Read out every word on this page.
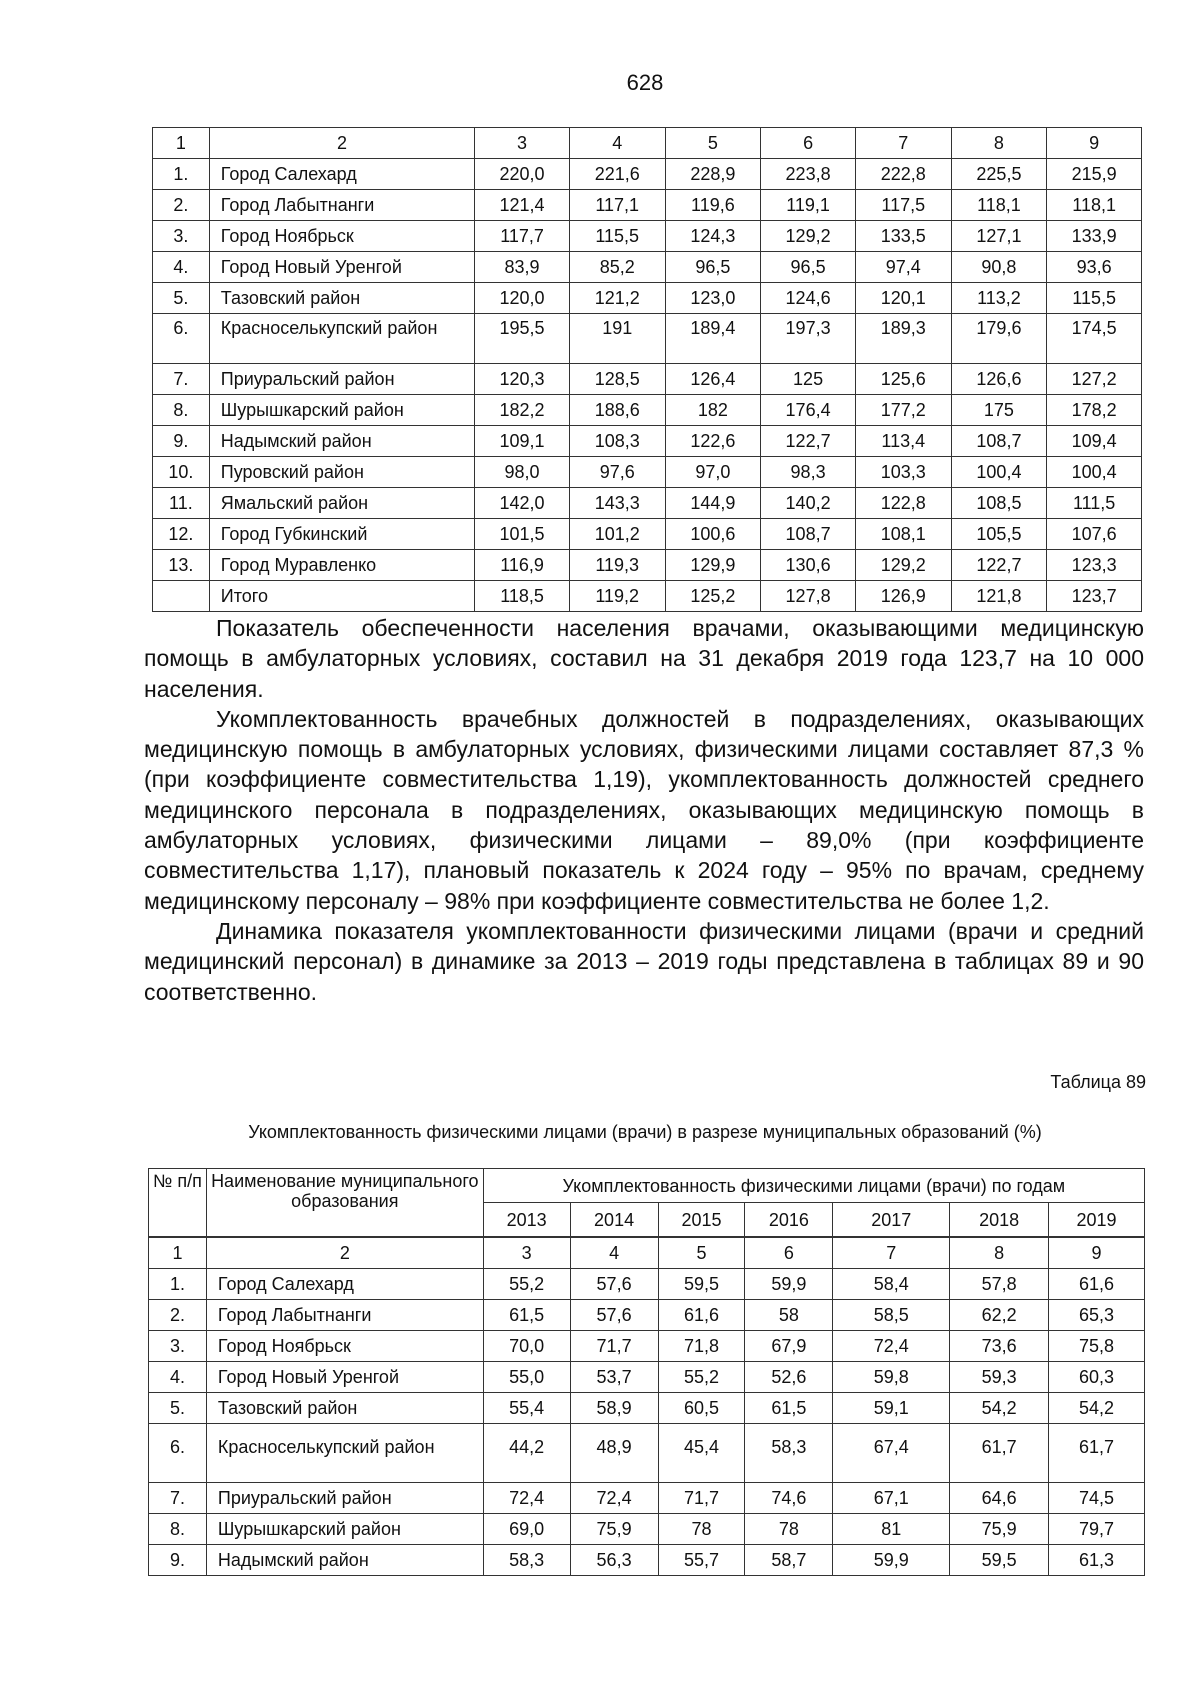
628
1	2	3	4	5	6	7	8	9
1.	Город Салехард	220,0	221,6	228,9	223,8	222,8	225,5	215,9
2.	Город Лабытнанги	121,4	117,1	119,6	119,1	117,5	118,1	118,1
3.	Город Ноябрьск	117,7	115,5	124,3	129,2	133,5	127,1	133,9
4.	Город Новый Уренгой	83,9	85,2	96,5	96,5	97,4	90,8	93,6
5.	Тазовский район	120,0	121,2	123,0	124,6	120,1	113,2	115,5
6.	Красноселькупский район	195,5	191	189,4	197,3	189,3	179,6	174,5
7.	Приуральский район	120,3	128,5	126,4	125	125,6	126,6	127,2
8.	Шурышкарский район	182,2	188,6	182	176,4	177,2	175	178,2
9.	Надымский район	109,1	108,3	122,6	122,7	113,4	108,7	109,4
10.	Пуровский район	98,0	97,6	97,0	98,3	103,3	100,4	100,4
11.	Ямальский район	142,0	143,3	144,9	140,2	122,8	108,5	111,5
12.	Город Губкинский	101,5	101,2	100,6	108,7	108,1	105,5	107,6
13.	Город Муравленко	116,9	119,3	129,9	130,6	129,2	122,7	123,3
	Итого	118,5	119,2	125,2	127,8	126,9	121,8	123,7

Показатель обеспеченности населения врачами, оказывающими медицинскую помощь в амбулаторных условиях, составил на 31 декабря 2019 года 123,7 на 10 000 населения.

Укомплектованность врачебных должностей в подразделениях, оказывающих медицинскую помощь в амбулаторных условиях, физическими лицами составляет 87,3 % (при коэффициенте совместительства 1,19), укомплектованность должностей среднего медицинского персонала в подразделениях, оказывающих медицинскую помощь в амбулаторных условиях, физическими лицами – 89,0% (при коэффициенте совместительства 1,17), плановый показатель к 2024 году – 95% по врачам, среднему медицинскому персоналу – 98% при коэффициенте совместительства не более 1,2.

Динамика показателя укомплектованности физическими лицами (врачи и средний медицинский персонал) в динамике за 2013 – 2019 годы представлена в таблицах 89 и 90 соответственно.

Таблица 89
Укомплектованность физическими лицами (врачи) в разрезе муниципальных образований (%)
№ п/п	Наименование муниципального образования	Укомплектованность физическими лицами (врачи) по годам						
		2013	2014	2015	2016	2017	2018	2019
1	2	3	4	5	6	7	8	9
1.	Город Салехард	55,2	57,6	59,5	59,9	58,4	57,8	61,6
2.	Город Лабытнанги	61,5	57,6	61,6	58	58,5	62,2	65,3
3.	Город Ноябрьск	70,0	71,7	71,8	67,9	72,4	73,6	75,8
4.	Город Новый Уренгой	55,0	53,7	55,2	52,6	59,8	59,3	60,3
5.	Тазовский район	55,4	58,9	60,5	61,5	59,1	54,2	54,2
6.	Красноселькупский район	44,2	48,9	45,4	58,3	67,4	61,7	61,7
7.	Приуральский район	72,4	72,4	71,7	74,6	67,1	64,6	74,5
8.	Шурышкарский район	69,0	75,9	78	78	81	75,9	79,7
9.	Надымский район	58,3	56,3	55,7	58,7	59,9	59,5	61,3
